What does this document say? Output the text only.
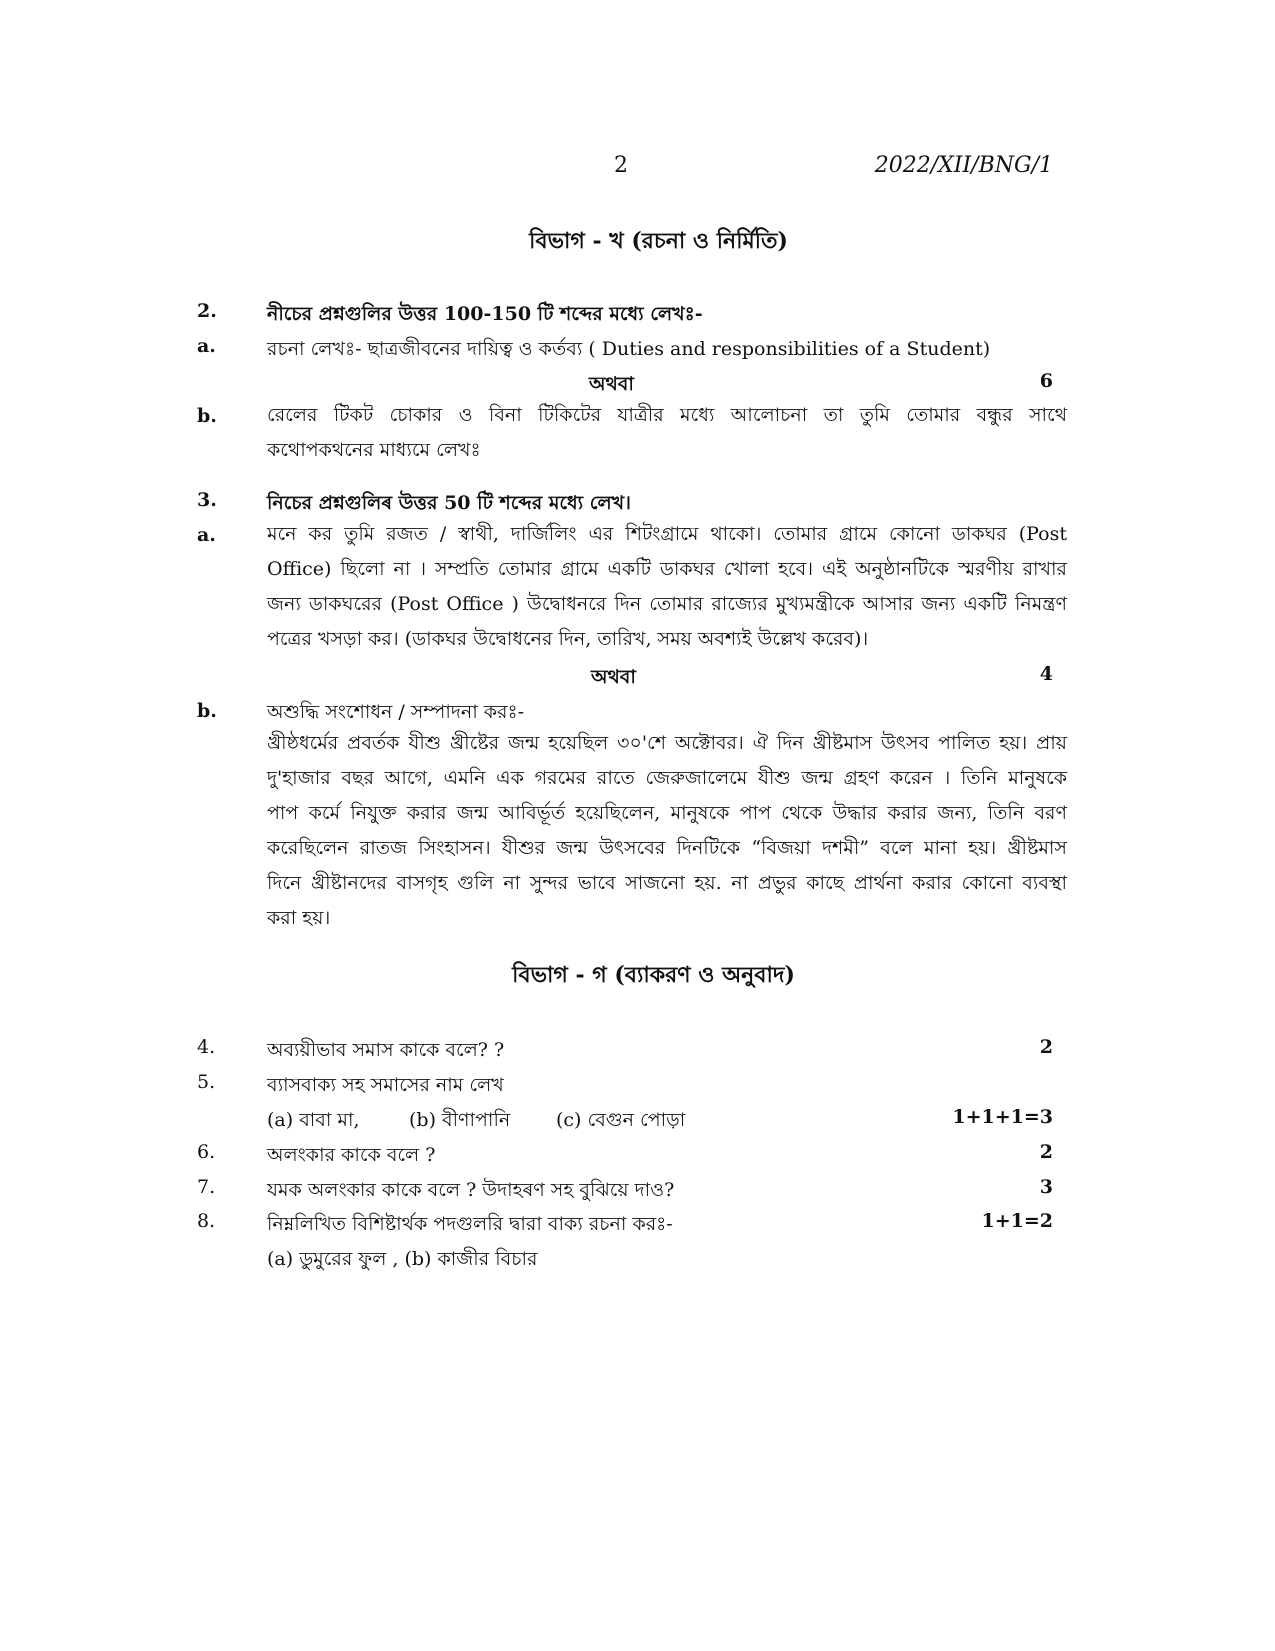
2	2022/XII/BNG/1
বিভাগ - খ (রচনা ও নির্মিতি)
2.	নীচের প্রশ্নগুলির উত্তর 100-150 টি শব্দের মধ্যে লেখঃ-
a.	রচনা লেখঃ- ছাত্রজীবনের দায়িত্ব ও কর্তব্য ( Duties and responsibilities of a Student)
অথবা	6
b.	রেলের টিকট চোকার ও বিনা টিকিটের যাত্রীর মধ্যে আলোচনা তা তুমি তোমার বন্ধুর সাথে
কথোপকথনের মাধ্যমে লেখঃ
3.	নিচের প্রশ্নগুলিৰ উত্তর 50 টি শব্দের মধ্যে লেখ।
a.	মনে কর তুমি রজত / স্বাথী, দার্জিলিং এর শিটংগ্রামে থাকো। তোমার গ্রামে কোনো ডাকঘর (Post
Office) ছিলো না । সম্প্রতি তোমার গ্রামে একটি ডাকঘর খোলা হবে। এই অনুষ্ঠানটিকে স্মরণীয় রাখার
জন্য ডাকঘরের (Post Office ) উদ্বোধনরে দিন তোমার রাজ্যের মুখ্যমন্ত্রীকে আসার জন্য একটি নিমন্ত্রণ
পত্রের খসড়া কর। (ডাকঘর উদ্বোধনের দিন, তারিখ, সময় অবশ্যই উল্লেখ করেব)।
অথবা	4
b.	অশুদ্ধি সংশোধন / সম্পাদনা করঃ-
খ্রীষ্ঠধর্মের প্রবর্তক যীশু খ্রীষ্টের জন্ম হয়েছিল ৩০'শে অক্টোবর। ঐ দিন খ্রীষ্টমাস উৎসব পালিত হয়। প্রায়
দু'হাজার বছর আগে, এমনি এক গরমের রাতে জেরুজালেমে যীশু জন্ম গ্রহণ করেন । তিনি মানুষকে
পাপ কর্মে নিযুক্ত করার জন্ম আবির্ভূর্ত হয়েছিলেন, মানুষকে পাপ থেকে উদ্ধার করার জন্য, তিনি বরণ
করেছিলেন রাতজ সিংহাসন। যীশুর জন্ম উৎসবের দিনটিকে “বিজয়া দশমী” বলে মানা হয়। খ্রীষ্টমাস
দিনে খ্রীষ্টানদের বাসগৃহ গুলি না সুন্দর ভাবে সাজনো হয়. না প্রভুর কাছে প্রার্থনা করার কোনো ব্যবস্থা
করা হয়।
বিভাগ - গ (ব্যাকরণ ও অনুবাদ)
4.	অব্যয়ীভাব সমাস কাকে বলে? ?	2
5.	ব্যাসবাক্য সহ সমাসের নাম লেখ
(a) বাবা মা,	(b) বীণাপানি (c) বেগুন পোড়া	1+1+1=3
6.	অলংকার কাকে বলে ?	2
7.	যমক অলংকার কাকে বলে ? উদাহৰণ সহ বুঝিয়ে দাও?	3
8.	নিম্নলিখিত বিশিষ্টার্থক পদগুলরি দ্বারা বাক্য রচনা করঃ-	1+1=2
(a) ডুমুরের ফুল , (b) কাজীর বিচার
